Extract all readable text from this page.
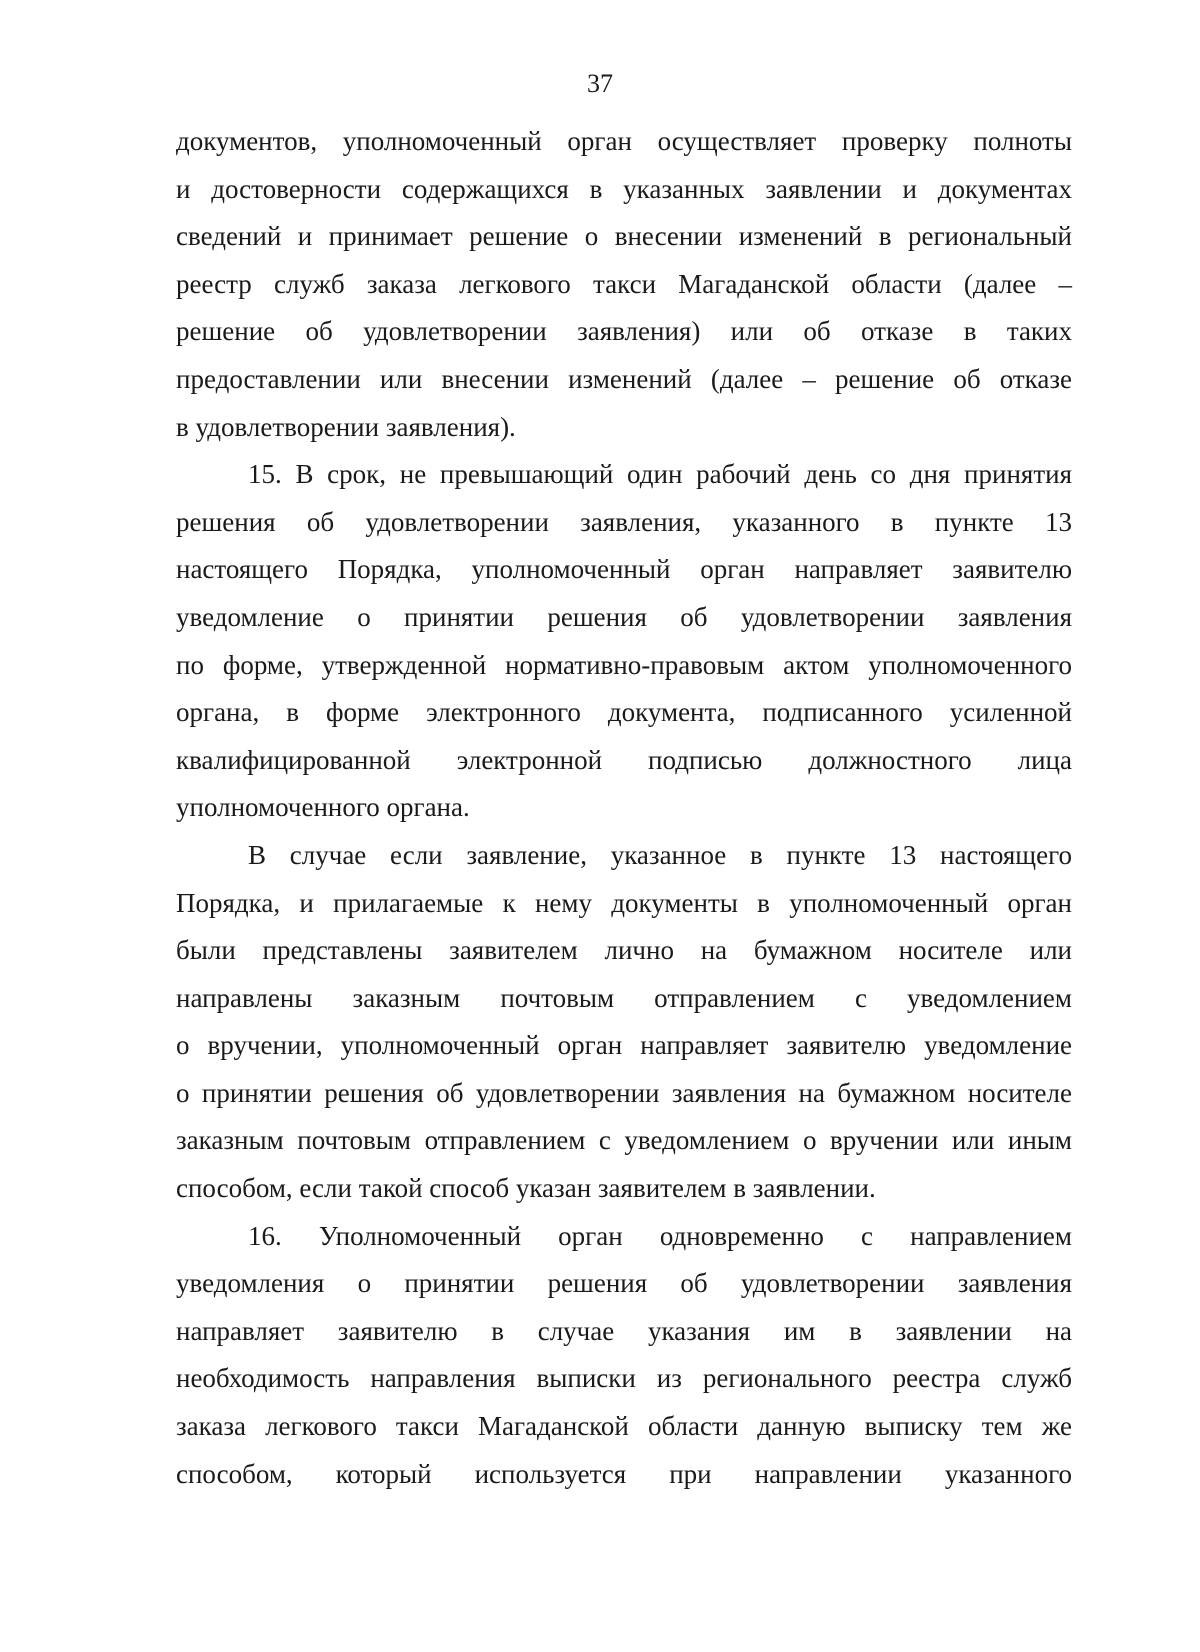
37
документов, уполномоченный орган осуществляет проверку полноты
и достоверности содержащихся в указанных заявлении и документах
сведений и принимает решение о внесении изменений в региональный
реестр служб заказа легкового такси Магаданской области (далее –
решение об удовлетворении заявления) или об отказе в таких
предоставлении или внесении изменений (далее – решение об отказе
в удовлетворении заявления).
15. В срок, не превышающий один рабочий день со дня принятия
решения об удовлетворении заявления, указанного в пункте 13
настоящего Порядка, уполномоченный орган направляет заявителю
уведомление о принятии решения об удовлетворении заявления
по форме, утвержденной нормативно-правовым актом уполномоченного
органа, в форме электронного документа, подписанного усиленной
квалифицированной электронной подписью должностного лица
уполномоченного органа.
В случае если заявление, указанное в пункте 13 настоящего
Порядка, и прилагаемые к нему документы в уполномоченный орган
были представлены заявителем лично на бумажном носителе или
направлены заказным почтовым отправлением с уведомлением
о вручении, уполномоченный орган направляет заявителю уведомление
о принятии решения об удовлетворении заявления на бумажном носителе
заказным почтовым отправлением с уведомлением о вручении или иным
способом, если такой способ указан заявителем в заявлении.
16. Уполномоченный орган одновременно с направлением
уведомления о принятии решения об удовлетворении заявления
направляет заявителю в случае указания им в заявлении на
необходимость направления выписки из регионального реестра служб
заказа легкового такси Магаданской области данную выписку тем же
способом, который используется при направлении указанного
